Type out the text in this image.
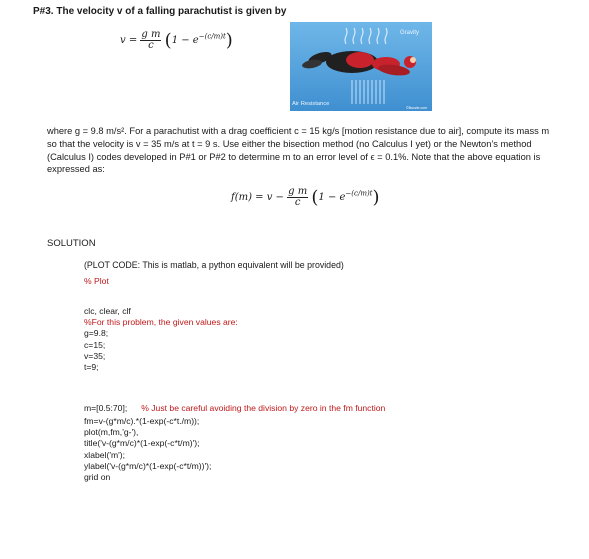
P#3. The velocity v of a falling parachutist is given by
$v = \frac{\text{g m}}{c} (1 - e^{-(c/m)t})$	Gravity
Air Resistance
©Buzzle.com
where g = 9.8 m/s². For a parachutist with a drag coefficient c = 15 kg/s [motion resistance due to air], compute its mass m so that the velocity is v = 35 m/s at t = 9 s. Use either the bisection method (no Calculus I yet) or the Newton’s method (Calculus I) codes developed in P#1 or P#2 to determine m to an error level of ϵ = 0.1%. Note that the above equation is expressed as:
$f(m) = v - \frac{\text{g m}}{c} (1 - e^{-(c/m)t})$
SOLUTION
(PLOT CODE: This is matlab, a python equivalent will be provided)
% Plot
clc, clear, clf
%For this problem, the given values are:
g=9.8;
c=15;
v=35;
t=9;
m=[0.5:70]; % Just be careful avoiding the division by zero in the fm function
fm=v-(g*m/c).*(1-exp(-c*t./m));
plot(m,fm,'g-'),
title('v-(g*m/c)*(1-exp(-c*t/m)');
xlabel('m');
ylabel('v-(g*m/c)*(1-exp(-c*t/m))');
grid on
